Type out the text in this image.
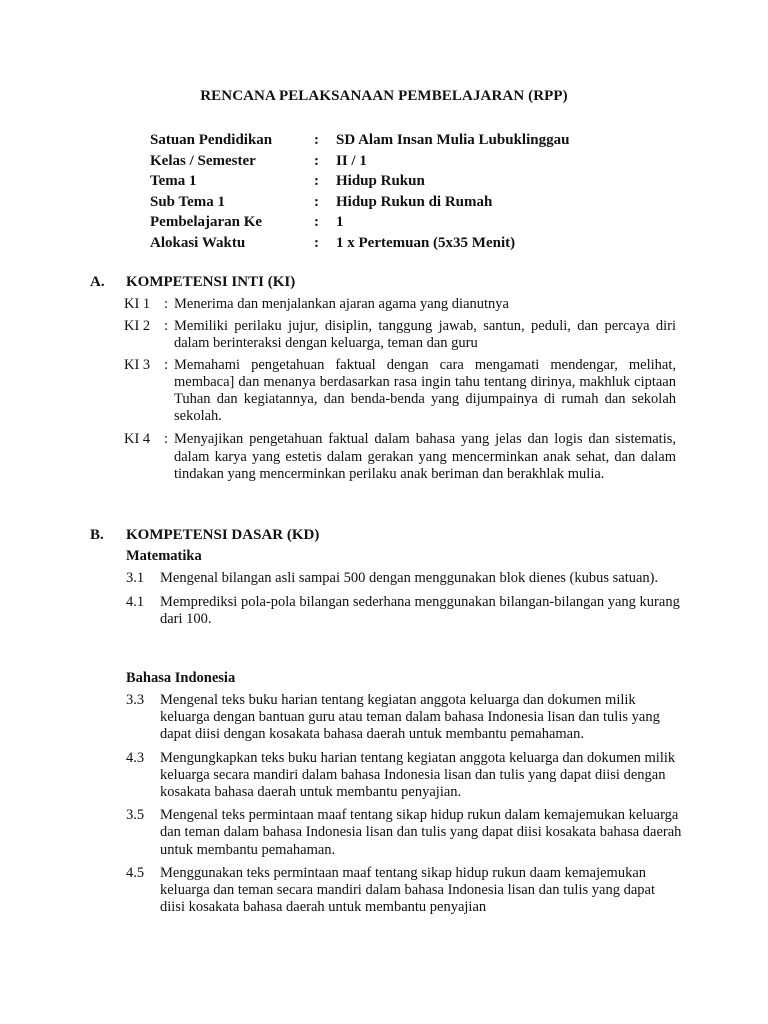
RENCANA PELAKSANAAN PEMBELAJARAN (RPP)
Satuan Pendidikan	: SD Alam Insan Mulia Lubuklinggau
Kelas / Semester	: II / 1
Tema 1	: Hidup Rukun
Sub Tema 1	: Hidup Rukun di Rumah
Pembelajaran Ke	: 1
Alokasi Waktu	: 1 x Pertemuan (5x35 Menit)
A. KOMPETENSI INTI (KI)
KI 1 : Menerima dan menjalankan ajaran agama yang dianutnya
KI 2 : Memiliki perilaku jujur, disiplin, tanggung jawab, santun, peduli, dan percaya diri dalam berinteraksi dengan keluarga, teman dan guru
KI 3 : Memahami pengetahuan faktual dengan cara mengamati mendengar, melihat, membaca] dan menanya berdasarkan rasa ingin tahu tentang dirinya, makhluk ciptaan Tuhan dan kegiatannya, dan benda-benda yang dijumpainya di rumah dan sekolah sekolah.
KI 4 : Menyajikan pengetahuan faktual dalam bahasa yang jelas dan logis dan sistematis, dalam karya yang estetis dalam gerakan yang mencerminkan anak sehat, dan dalam tindakan yang mencerminkan perilaku anak beriman dan berakhlak mulia.
B. KOMPETENSI DASAR (KD)
Matematika
3.1	Mengenal bilangan asli sampai 500 dengan menggunakan blok dienes (kubus satuan).
4.1	Memprediksi pola-pola bilangan sederhana menggunakan bilangan-bilangan yang kurang dari 100.
Bahasa Indonesia
3.3	Mengenal teks buku harian tentang kegiatan anggota keluarga dan dokumen milik keluarga dengan bantuan guru atau teman dalam bahasa Indonesia lisan dan tulis yang dapat diisi dengan kosakata bahasa daerah untuk membantu pemahaman.
4.3	Mengungkapkan teks buku harian tentang kegiatan anggota keluarga dan dokumen milik keluarga secara mandiri dalam bahasa Indonesia lisan dan tulis yang dapat diisi dengan kosakata bahasa daerah untuk membantu penyajian.
3.5	Mengenal teks permintaan maaf tentang sikap hidup rukun dalam kemajemukan keluarga dan teman dalam bahasa Indonesia lisan dan tulis yang dapat diisi kosakata bahasa daerah untuk membantu pemahaman.
4.5	Menggunakan teks permintaan maaf tentang sikap hidup rukun daam kemajemukan keluarga dan teman secara mandiri dalam bahasa Indonesia lisan dan tulis yang dapat diisi kosakata bahasa daerah untuk membantu penyajian
